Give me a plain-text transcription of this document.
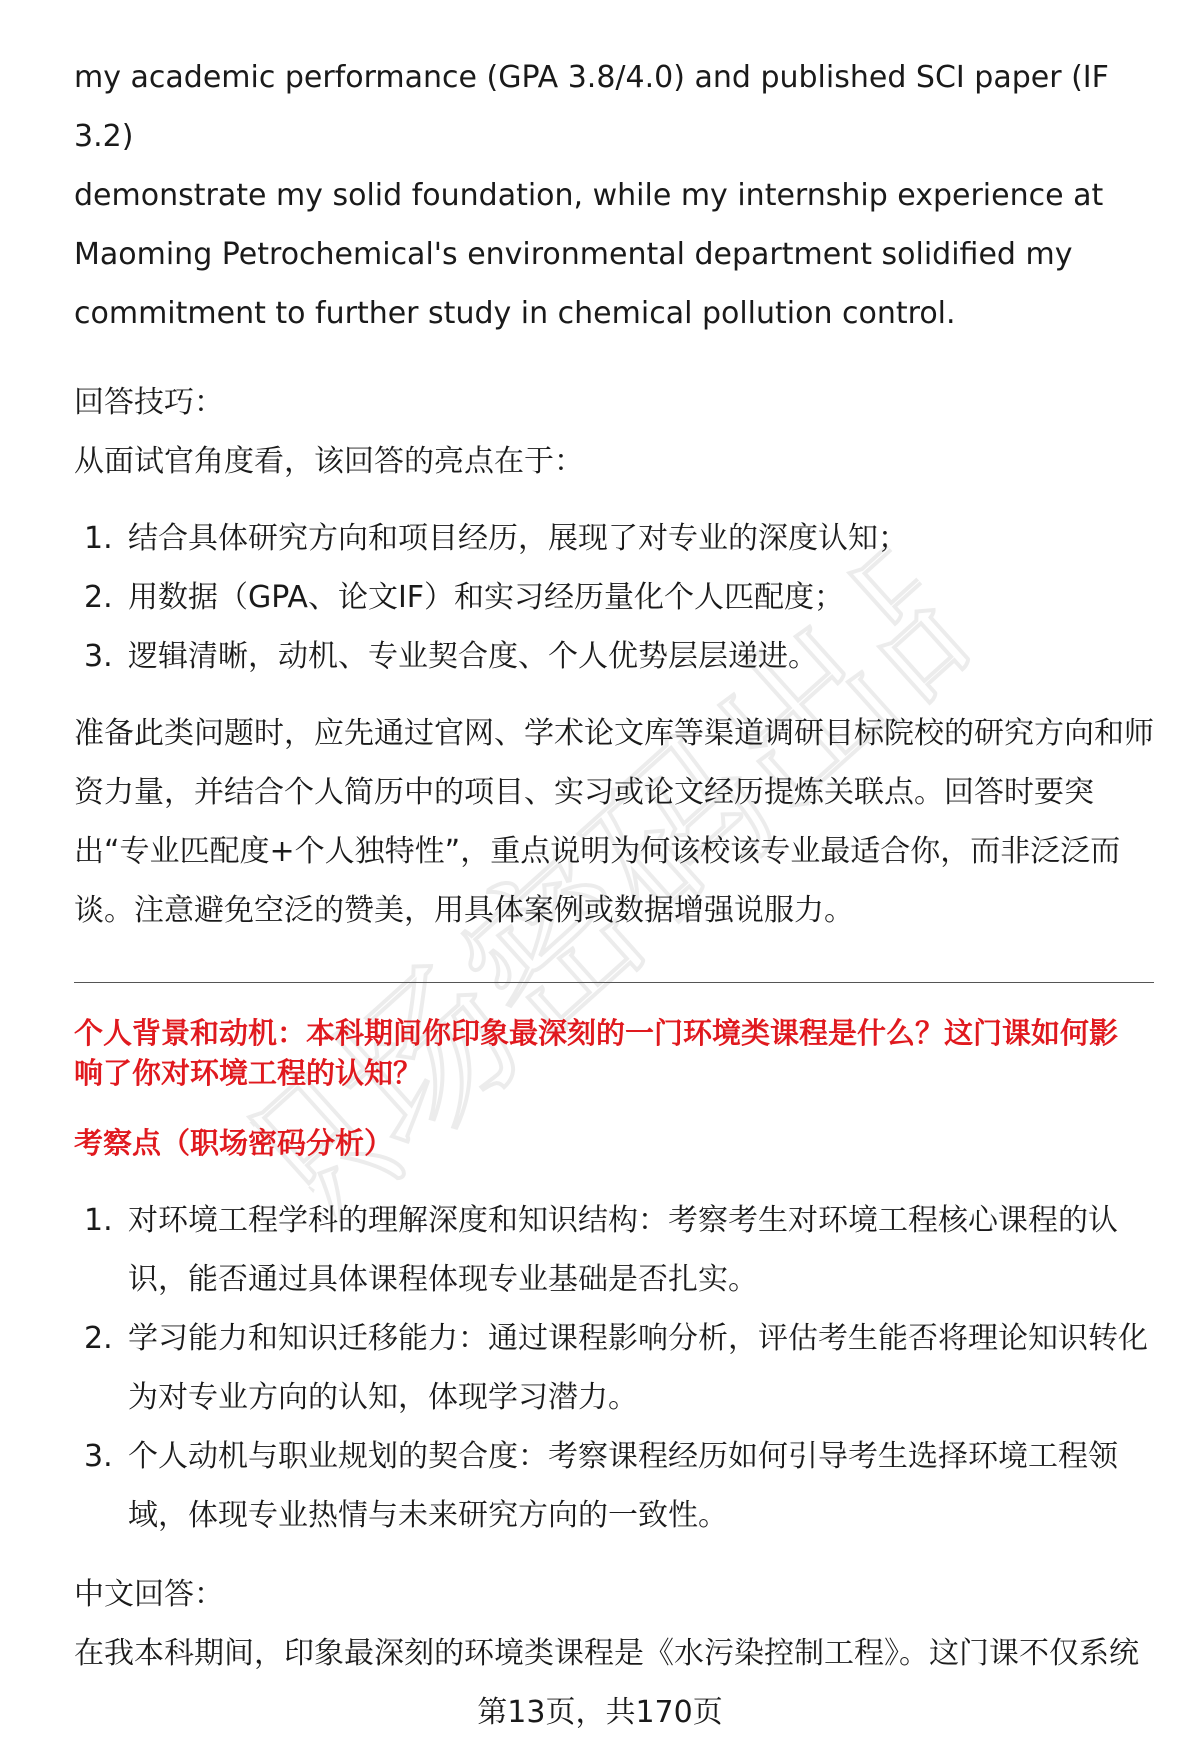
职场密码出品

my academic performance (GPA 3.8/4.0) and published SCI paper (IF 3.2)

demonstrate my solid foundation, while my internship experience at

Maoming Petrochemical's environmental department solidified my

commitment to further study in chemical pollution control.

回答技巧：

从面试官角度看，该回答的亮点在于：

1. 结合具体研究方向和项目经历，展现了对专业的深度认知；
2. 用数据（GPA、论文IF）和实习经历量化个人匹配度；
3. 逻辑清晰，动机、专业契合度、个人优势层层递进。

准备此类问题时，应先通过官网、学术论文库等渠道调研目标院校的研究方向和师

资力量，并结合个人简历中的项目、实习或论文经历提炼关联点。回答时要突

出“专业匹配度+个人独特性”，重点说明为何该校该专业最适合你，而非泛泛而

谈。注意避免空泛的赞美，用具体案例或数据增强说服力。

个人背景和动机：本科期间你印象最深刻的一门环境类课程是什么？这门课如何影

响了你对环境工程的认知？

考察点（职场密码分析）

1. 对环境工程学科的理解深度和知识结构：考察考生对环境工程核心课程的认
识，能否通过具体课程体现专业基础是否扎实。
2. 学习能力和知识迁移能力：通过课程影响分析，评估考生能否将理论知识转化
为对专业方向的认知，体现学习潜力。
3. 个人动机与职业规划的契合度：考察课程经历如何引导考生选择环境工程领
域，体现专业热情与未来研究方向的一致性。

中文回答：

在我本科期间，印象最深刻的环境类课程是《水污染控制工程》。这门课不仅系统

第13页，共170页
